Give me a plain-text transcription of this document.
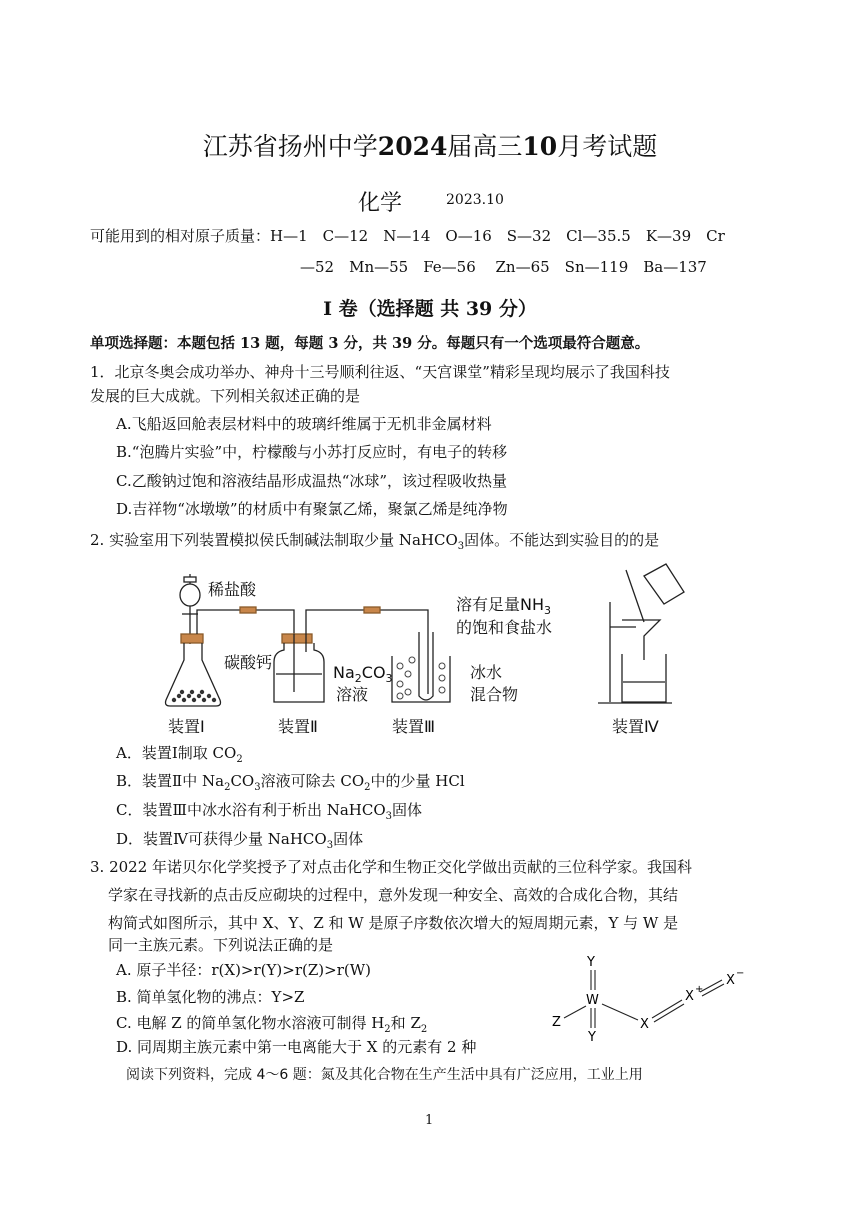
江苏省扬州中学2024届高三10月考试题
化学	2023.10
可能用到的相对原子质量：H—1　C—12　N—14　O—16　S—32　Cl—35.5　K—39　Cr
—52　Mn—55　Fe—56　 Zn—65　Sn—119　Ba—137
I 卷（选择题 共 39 分）
单项选择题：本题包括 13 题，每题 3 分，共 39 分。每题只有一个选项最符合题意。
1．北京冬奥会成功举办、神舟十三号顺利往返、“天宫课堂”精彩呈现均展示了我国科技
发展的巨大成就。下列相关叙述正确的是
A.飞船返回舱表层材料中的玻璃纤维属于无机非金属材料
B.“泡腾片实验”中，柠檬酸与小苏打反应时，有电子的转移
C.乙酸钠过饱和溶液结晶形成温热“冰球”，该过程吸收热量
D.吉祥物“冰墩墩”的材质中有聚氯乙烯，聚氯乙烯是纯净物
2. 实验室用下列装置模拟侯氏制碱法制取少量 NaHCO$_3$固体。不能达到实验目的的是
稀盐酸
碳酸钙
$Na_2CO_3$
溶液
溶有足量$NH_3$
的饱和食盐水
冰水
混合物
装置Ⅰ	装置Ⅱ	装置Ⅲ	装置Ⅳ
A．装置Ⅰ制取 $CO_2$
B．装置Ⅱ中 $Na_2CO_3$溶液可除去 $CO_2$中的少量 HCl
C．装置Ⅲ中冰水浴有利于析出 NaHCO$_3$固体
D．装置Ⅳ可获得少量 NaHCO$_3$固体
3. 2022 年诺贝尔化学奖授予了对点击化学和生物正交化学做出贡献的三位科学家。我国科
学家在寻找新的点击反应砌块的过程中，意外发现一种安全、高效的合成化合物，其结
构简式如图所示，其中 X、Y、Z 和 W 是原子序数依次增大的短周期元素，Y 与 W 是
同一主族元素。下列说法正确的是
A. 原子半径：r(X)>r(Y)>r(Z)>r(W)
B. 简单氢化物的沸点：Y>Z
C. 电解 Z 的简单氢化物水溶液可制得 $H_2$和 $Z_2$
D. 同周期主族元素中第一电离能大于 X 的元素有 2 种
Y
W
Y
Z	X
X +
X −
阅读下列资料，完成 4～6 题：氮及其化合物在生产生活中具有广泛应用，工业上用
1
